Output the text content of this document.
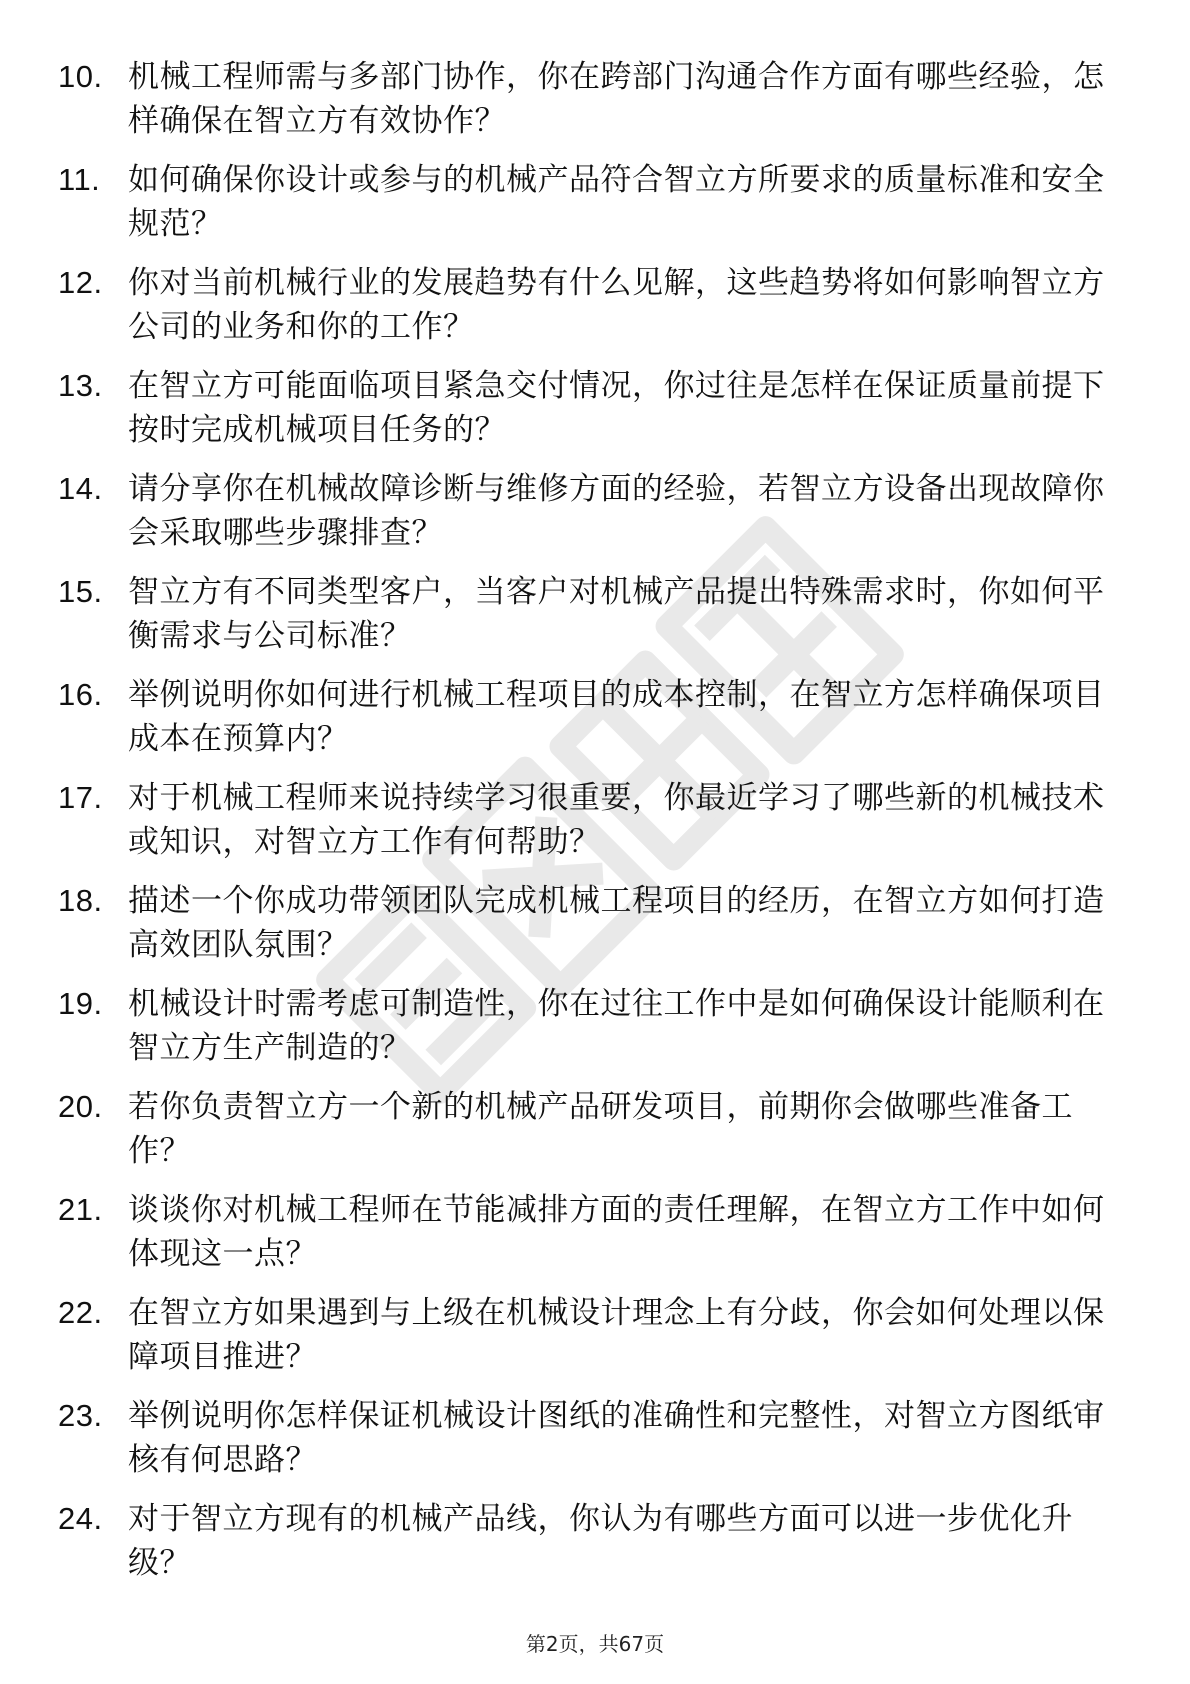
10. 机械工程师需与多部门协作，你在跨部门沟通合作方面有哪些经验，怎样确保在智立方有效协作？
11. 如何确保你设计或参与的机械产品符合智立方所要求的质量标准和安全规范？
12. 你对当前机械行业的发展趋势有什么见解，这些趋势将如何影响智立方公司的业务和你的工作？
13. 在智立方可能面临项目紧急交付情况，你过往是怎样在保证质量前提下按时完成机械项目任务的？
14. 请分享你在机械故障诊断与维修方面的经验，若智立方设备出现故障你会采取哪些步骤排查？
15. 智立方有不同类型客户，当客户对机械产品提出特殊需求时，你如何平衡需求与公司标准？
16. 举例说明你如何进行机械工程项目的成本控制，在智立方怎样确保项目成本在预算内？
17. 对于机械工程师来说持续学习很重要，你最近学习了哪些新的机械技术或知识，对智立方工作有何帮助？
18. 描述一个你成功带领团队完成机械工程项目的经历，在智立方如何打造高效团队氛围？
19. 机械设计时需考虑可制造性，你在过往工作中是如何确保设计能顺利在智立方生产制造的？
20. 若你负责智立方一个新的机械产品研发项目，前期你会做哪些准备工作？
21. 谈谈你对机械工程师在节能减排方面的责任理解，在智立方工作中如何体现这一点？
22. 在智立方如果遇到与上级在机械设计理念上有分歧，你会如何处理以保障项目推进？
23. 举例说明你怎样保证机械设计图纸的准确性和完整性，对智立方图纸审核有何思路？
24. 对于智立方现有的机械产品线，你认为有哪些方面可以进一步优化升级？
第2页，共67页
